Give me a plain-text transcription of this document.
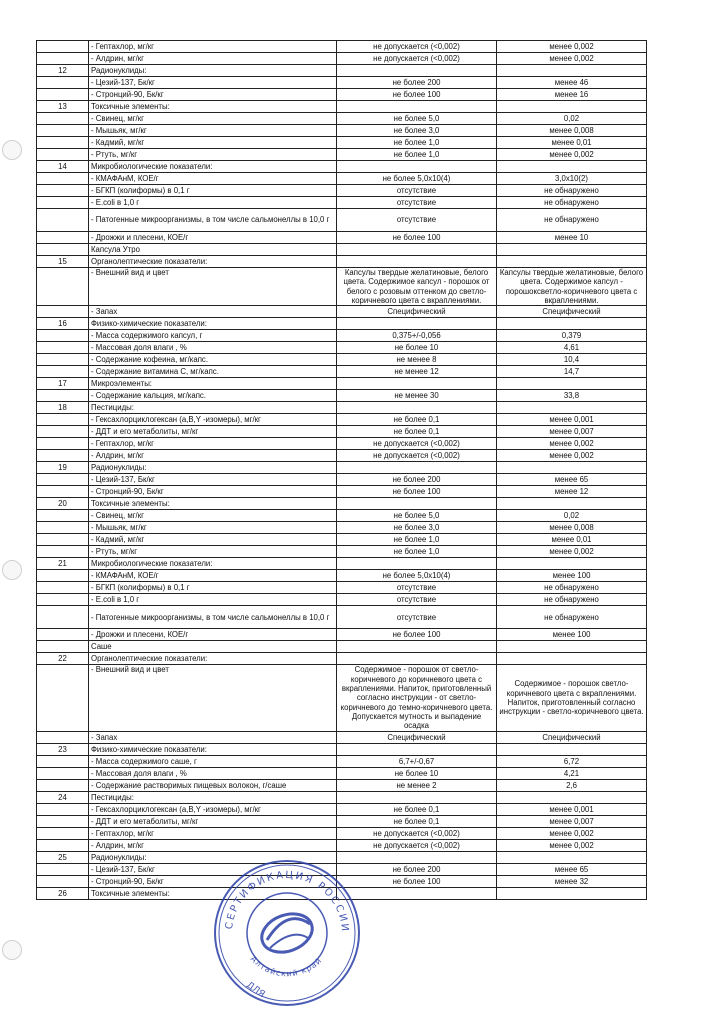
	- Гептахлор, мг/кг	не допускается (<0,002)	менее 0,002
	- Алдрин, мг/кг	не допускается (<0,002)	менее 0,002
12	Радионуклиды:		
	- Цезий-137, Бк/кг	не более 200	менее 46
	- Стронций-90, Бк/кг	не более 100	менее 16
13	Токсичные элементы:		
	- Свинец, мг/кг	не более 5,0	0,02
	- Мышьяк, мг/кг	не более 3,0	менее 0,008
	- Кадмий, мг/кг	не более 1,0	менее 0,01
	- Ртуть, мг/кг	не более 1,0	менее 0,002
14	Микробиологические показатели:		
	- КМАФАнМ, КОЕ/г	не более 5,0х10(4)	3,0х10(2)
	- БГКП (колиформы) в 0,1 г	отсутствие	не обнаружено
	- E.coli в 1,0 г	отсутствие	не обнаружено
	- Патогенные микроорганизмы, в том числе сальмонеллы в 10,0 г	отсутствие	не обнаружено
	- Дрожжи и плесени, КОЕ/г	не более 100	менее 10
	Капсула Утро		
15	Органолептические показатели:		
	- Внешний вид и цвет	Капсулы твердые желатиновые, белого цвета. Содержимое капсул - порошок от белого с розовым оттенком до светло-коричневого цвета с вкраплениями.	Капсулы твердые желатиновые, белого цвета. Содержимое капсул - порошоксветло-коричневого цвета с вкраплениями.
	- Запах	Специфический	Специфический
16	Физико-химические показатели:		
	- Масса содержимого капсул, г	0,375+/-0,056	0,379
	- Массовая доля влаги , %	не более 10	4,61
	- Содержание кофеина, мг/капс.	не менее 8	10,4
	- Содержание витамина С, мг/капс.	не менее 12	14,7
17	Микроэлементы:		
	- Содержание кальция, мг/капс.	не менее 30	33,8
18	Пестициды:		
	- Гексахлорциклогексан (a,B,Y -изомеры), мг/кг	не более 0,1	менее 0,001
	- ДДТ и его метаболиты, мг/кг	не более 0,1	менее 0,007
	- Гептахлор, мг/кг	не допускается (<0,002)	менее 0,002
	- Алдрин, мг/кг	не допускается (<0,002)	менее 0,002
19	Радионуклиды:		
	- Цезий-137, Бк/кг	не более 200	менее 65
	- Стронций-90, Бк/кг	не более 100	менее 12
20	Токсичные элементы:		
	- Свинец, мг/кг	не более 5,0	0,02
	- Мышьяк, мг/кг	не более 3,0	менее 0,008
	- Кадмий, мг/кг	не более 1,0	менее 0,01
	- Ртуть, мг/кг	не более 1,0	менее 0,002
21	Микробиологические показатели:		
	- КМАФАнМ, КОЕ/г	не более 5,0х10(4)	менее 100
	- БГКП (колиформы) в 0,1 г	отсутствие	не обнаружено
	- E.coli в 1,0 г	отсутствие	не обнаружено
	- Патогенные микроорганизмы, в том числе сальмонеллы в 10,0 г	отсутствие	не обнаружено
	- Дрожжи и плесени, КОЕ/г	не более 100	менее 100
	Саше		
22	Органолептические показатели:		
	- Внешний вид и цвет	Содержимое - порошок от светло-коричневого до коричневого цвета с вкраплениями. Напиток, приготовленный согласно инструкции - от светло-коричневого до темно-коричневого цвета. Допускается мутность и выпадение осадка	Содержимое - порошок светло-коричневого цвета с вкраплениями. Напиток, приготовленный согласно инструкции - светло-коричневого цвета.
	- Запах	Специфический	Специфический
23	Физико-химические показатели:		
	- Масса содержимого саше, г	6,7+/-0,67	6,72
	- Массовая доля влаги , %	не более 10	4,21
	- Содержание растворимых пищевых волокон, г/саше	не менее 2	2,6
24	Пестициды:		
	- Гексахлорциклогексан (a,B,Y -изомеры), мг/кг	не более 0,1	менее 0,001
	- ДДТ и его метаболиты, мг/кг	не более 0,1	менее 0,007
	- Гептахлор, мг/кг	не допускается (<0,002)	менее 0,002
	- Алдрин, мг/кг	не допускается (<0,002)	менее 0,002
25	Радионуклиды:		
	- Цезий-137, Бк/кг	не более 200	менее 65
	- Стронций-90, Бк/кг	не более 100	менее 32
26	Токсичные элементы:		
СЕРТИФИКАЦИЯ РОССИИ
Алтайский край
ДЛЯ
